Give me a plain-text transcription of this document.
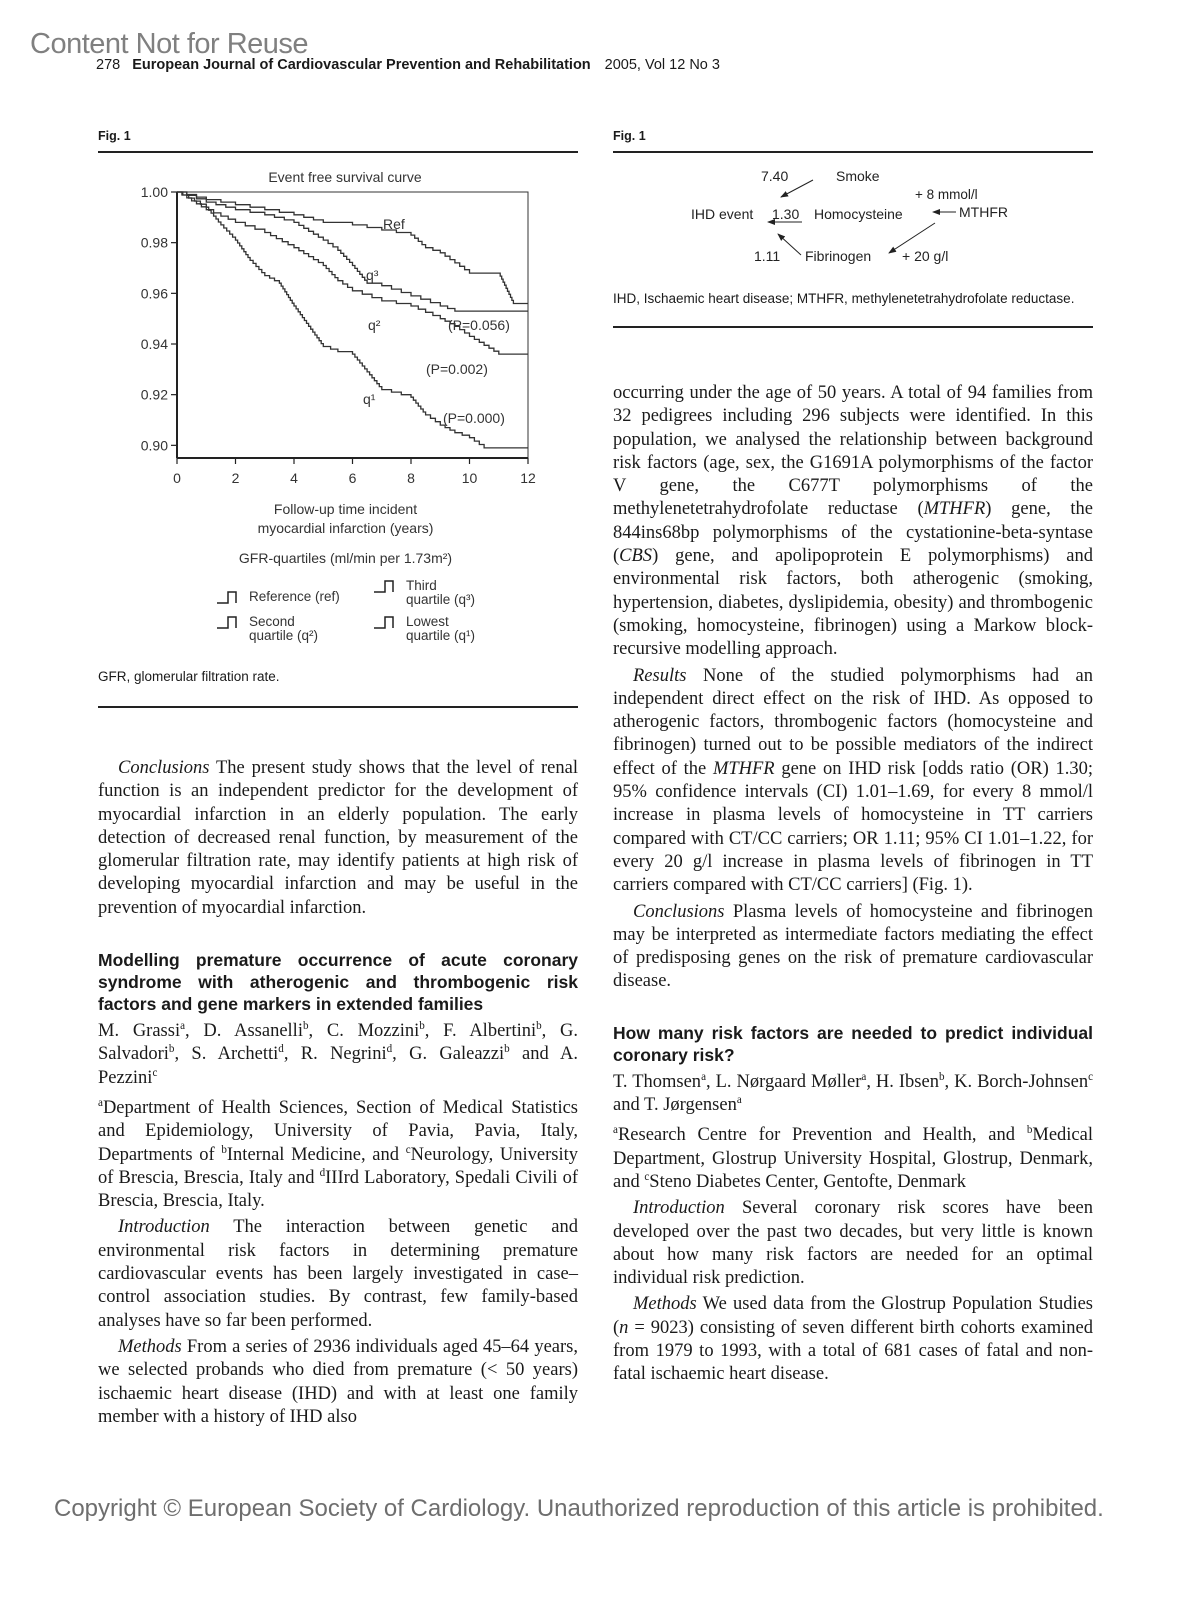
Content Not for Reuse
278 European Journal of Cardiovascular Prevention and Rehabilitation 2005, Vol 12 No 3
Fig. 1
Event free survival curve
0	2	4	6	8	10	12
1.00
0.98
0.96
0.94
0.92
0.90
Ref
q³
q²
q¹
(P=0.056)
(P=0.002)
(P=0.000)
Follow-up time incident
myocardial infarction (years)
GFR-quartiles (ml/min per 1.73m²)
Reference (ref)
Third
quartile (q³)
Second
quartile (q²)
Lowest
quartile (q¹)
GFR, glomerular filtration rate.

Conclusions The present study shows that the level of renal function is an independent predictor for the development of myocardial infarction in an elderly population. The early detection of decreased renal function, by measurement of the glomerular filtration rate, may identify patients at high risk of developing myocardial infarction and may be useful in the prevention of myocardial infarction.

Modelling premature occurrence of acute coronary syndrome with atherogenic and thrombogenic risk factors and gene markers in extended families

M. Grassi$^a$, D. Assanelli$^b$, C. Mozzini$^b$, F. Albertini$^b$, G. Salvadori$^b$, S. Archetti$^d$, R. Negrini$^d$, G. Galeazzi$^b$ and A. Pezzini$^c$

$^a$Department of Health Sciences, Section of Medical Statistics and Epidemiology, University of Pavia, Pavia, Italy, Departments of $^b$Internal Medicine, and $^c$Neurology, University of Brescia, Brescia, Italy and $^d$IIIrd Laboratory, Spedali Civili of Brescia, Brescia, Italy.

Introduction The interaction between genetic and environmental risk factors in determining premature cardiovascular events has been largely investigated in case–control association studies. By contrast, few family-based analyses have so far been performed.

Methods From a series of 2936 individuals aged 45–64 years, we selected probands who died from premature (< 50 years) ischaemic heart disease (IHD) and with at least one family member with a history of IHD also

Fig. 1
7.40	Smoke
+ 8 mmol/l
IHD event 1.30 Homocysteine	MTHFR
1.11 Fibrinogen + 20 g/l
IHD, Ischaemic heart disease; MTHFR, methylenetetrahydrofolate reductase.

occurring under the age of 50 years. A total of 94 families from 32 pedigrees including 296 subjects were identified. In this population, we analysed the relationship between background risk factors (age, sex, the G1691A polymorphisms of the factor V gene, the C677T polymorphisms of the methylenetetrahydrofolate reductase (MTHFR) gene, the 844ins68bp polymorphisms of the cystationine-beta-syntase (CBS) gene, and apolipoprotein E polymorphisms) and environmental risk factors, both atherogenic (smoking, hypertension, diabetes, dyslipidemia, obesity) and thrombogenic (smoking, homocysteine, fibrinogen) using a Markow block-recursive modelling approach.

Results None of the studied polymorphisms had an independent direct effect on the risk of IHD. As opposed to atherogenic factors, thrombogenic factors (homocysteine and fibrinogen) turned out to be possible mediators of the indirect effect of the MTHFR gene on IHD risk [odds ratio (OR) 1.30; 95% confidence intervals (CI) 1.01–1.69, for every 8 mmol/l increase in plasma levels of homocysteine in TT carriers compared with CT/CC carriers; OR 1.11; 95% CI 1.01–1.22, for every 20 g/l increase in plasma levels of fibrinogen in TT carriers compared with CT/CC carriers] (Fig. 1).

Conclusions Plasma levels of homocysteine and fibrinogen may be interpreted as intermediate factors mediating the effect of predisposing genes on the risk of premature cardiovascular disease.

How many risk factors are needed to predict individual coronary risk?

T. Thomsen$^a$, L. Nørgaard Møller$^a$, H. Ibsen$^b$, K. Borch-Johnsen$^c$ and T. Jørgensen$^a$

$^a$Research Centre for Prevention and Health, and $^b$Medical Department, Glostrup University Hospital, Glostrup, Denmark, and $^c$Steno Diabetes Center, Gentofte, Denmark

Introduction Several coronary risk scores have been developed over the past two decades, but very little is known about how many risk factors are needed for an optimal individual risk prediction.

Methods We used data from the Glostrup Population Studies (n = 9023) consisting of seven different birth cohorts examined from 1979 to 1993, with a total of 681 cases of fatal and non-fatal ischaemic heart disease.

Copyright © European Society of Cardiology. Unauthorized reproduction of this article is prohibited.
